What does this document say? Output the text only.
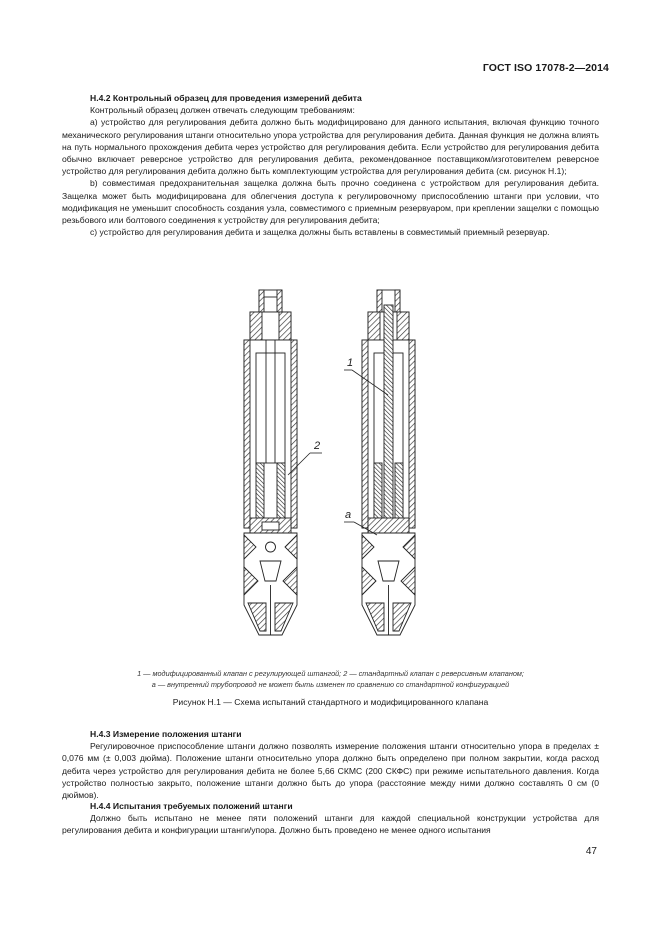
ГОСТ ISO 17078-2—2014
Н.4.2 Контрольный образец для проведения измерений дебита

Контрольный образец должен отвечать следующим требованиям:

a) устройство для регулирования дебита должно быть модифицировано для данного испытания, включая функцию точного механического регулирования штанги относительно упора устройства для регулирования дебита. Данная функция не должна влиять на путь нормального прохождения дебита через устройство для регулирования дебита. Если устройство для регулирования дебита обычно включает реверсное устройство для регулирования дебита, рекомендованное поставщиком/изготовителем реверсное устройство для регулирования дебита должно быть комплектующим устройства для регулирования дебита (см. рисунок Н.1);

b) совместимая предохранительная защелка должна быть прочно соединена с устройством для регулирования дебита. Защелка может быть модифицирована для облегчения доступа к регулировочному приспособлению штанги при условии, что модификация не уменьшит способность создания узла, совместимого с приемным резервуаром, при креплении защелки с помощью резьбового или болтового соединения к устройству для регулирования дебита;

c) устройство для регулирования дебита и защелка должны быть вставлены в совместимый приемный резервуар.

2
1
a
1 — модифицированный клапан с регулирующей штангой; 2 — стандартный клапан с реверсивным клапаном;
a — внутренний трубопровод не может быть изменен по сравнению со стандартной конфигурацией
Рисунок Н.1 — Схема испытаний стандартного и модифицированного клапана
Н.4.3 Измерение положения штанги

Регулировочное приспособление штанги должно позволять измерение положения штанги относительно упора в пределах ± 0,076 мм (± 0,003 дюйма). Положение штанги относительно упора должно быть определено при полном закрытии, когда расход дебита через устройство для регулирования дебита не более 5,66 СКМС (200 СКФС) при режиме испытательного давления. Когда устройство полностью закрыто, положение штанги должно быть до упора (расстояние между ними должно составлять 0 см (0 дюймов).

Н.4.4 Испытания требуемых положений штанги

Должно быть испытано не менее пяти положений штанги для каждой специальной конструкции устройства для регулирования дебита и конфигурации штанги/упора. Должно быть проведено не менее одного испытания

47
